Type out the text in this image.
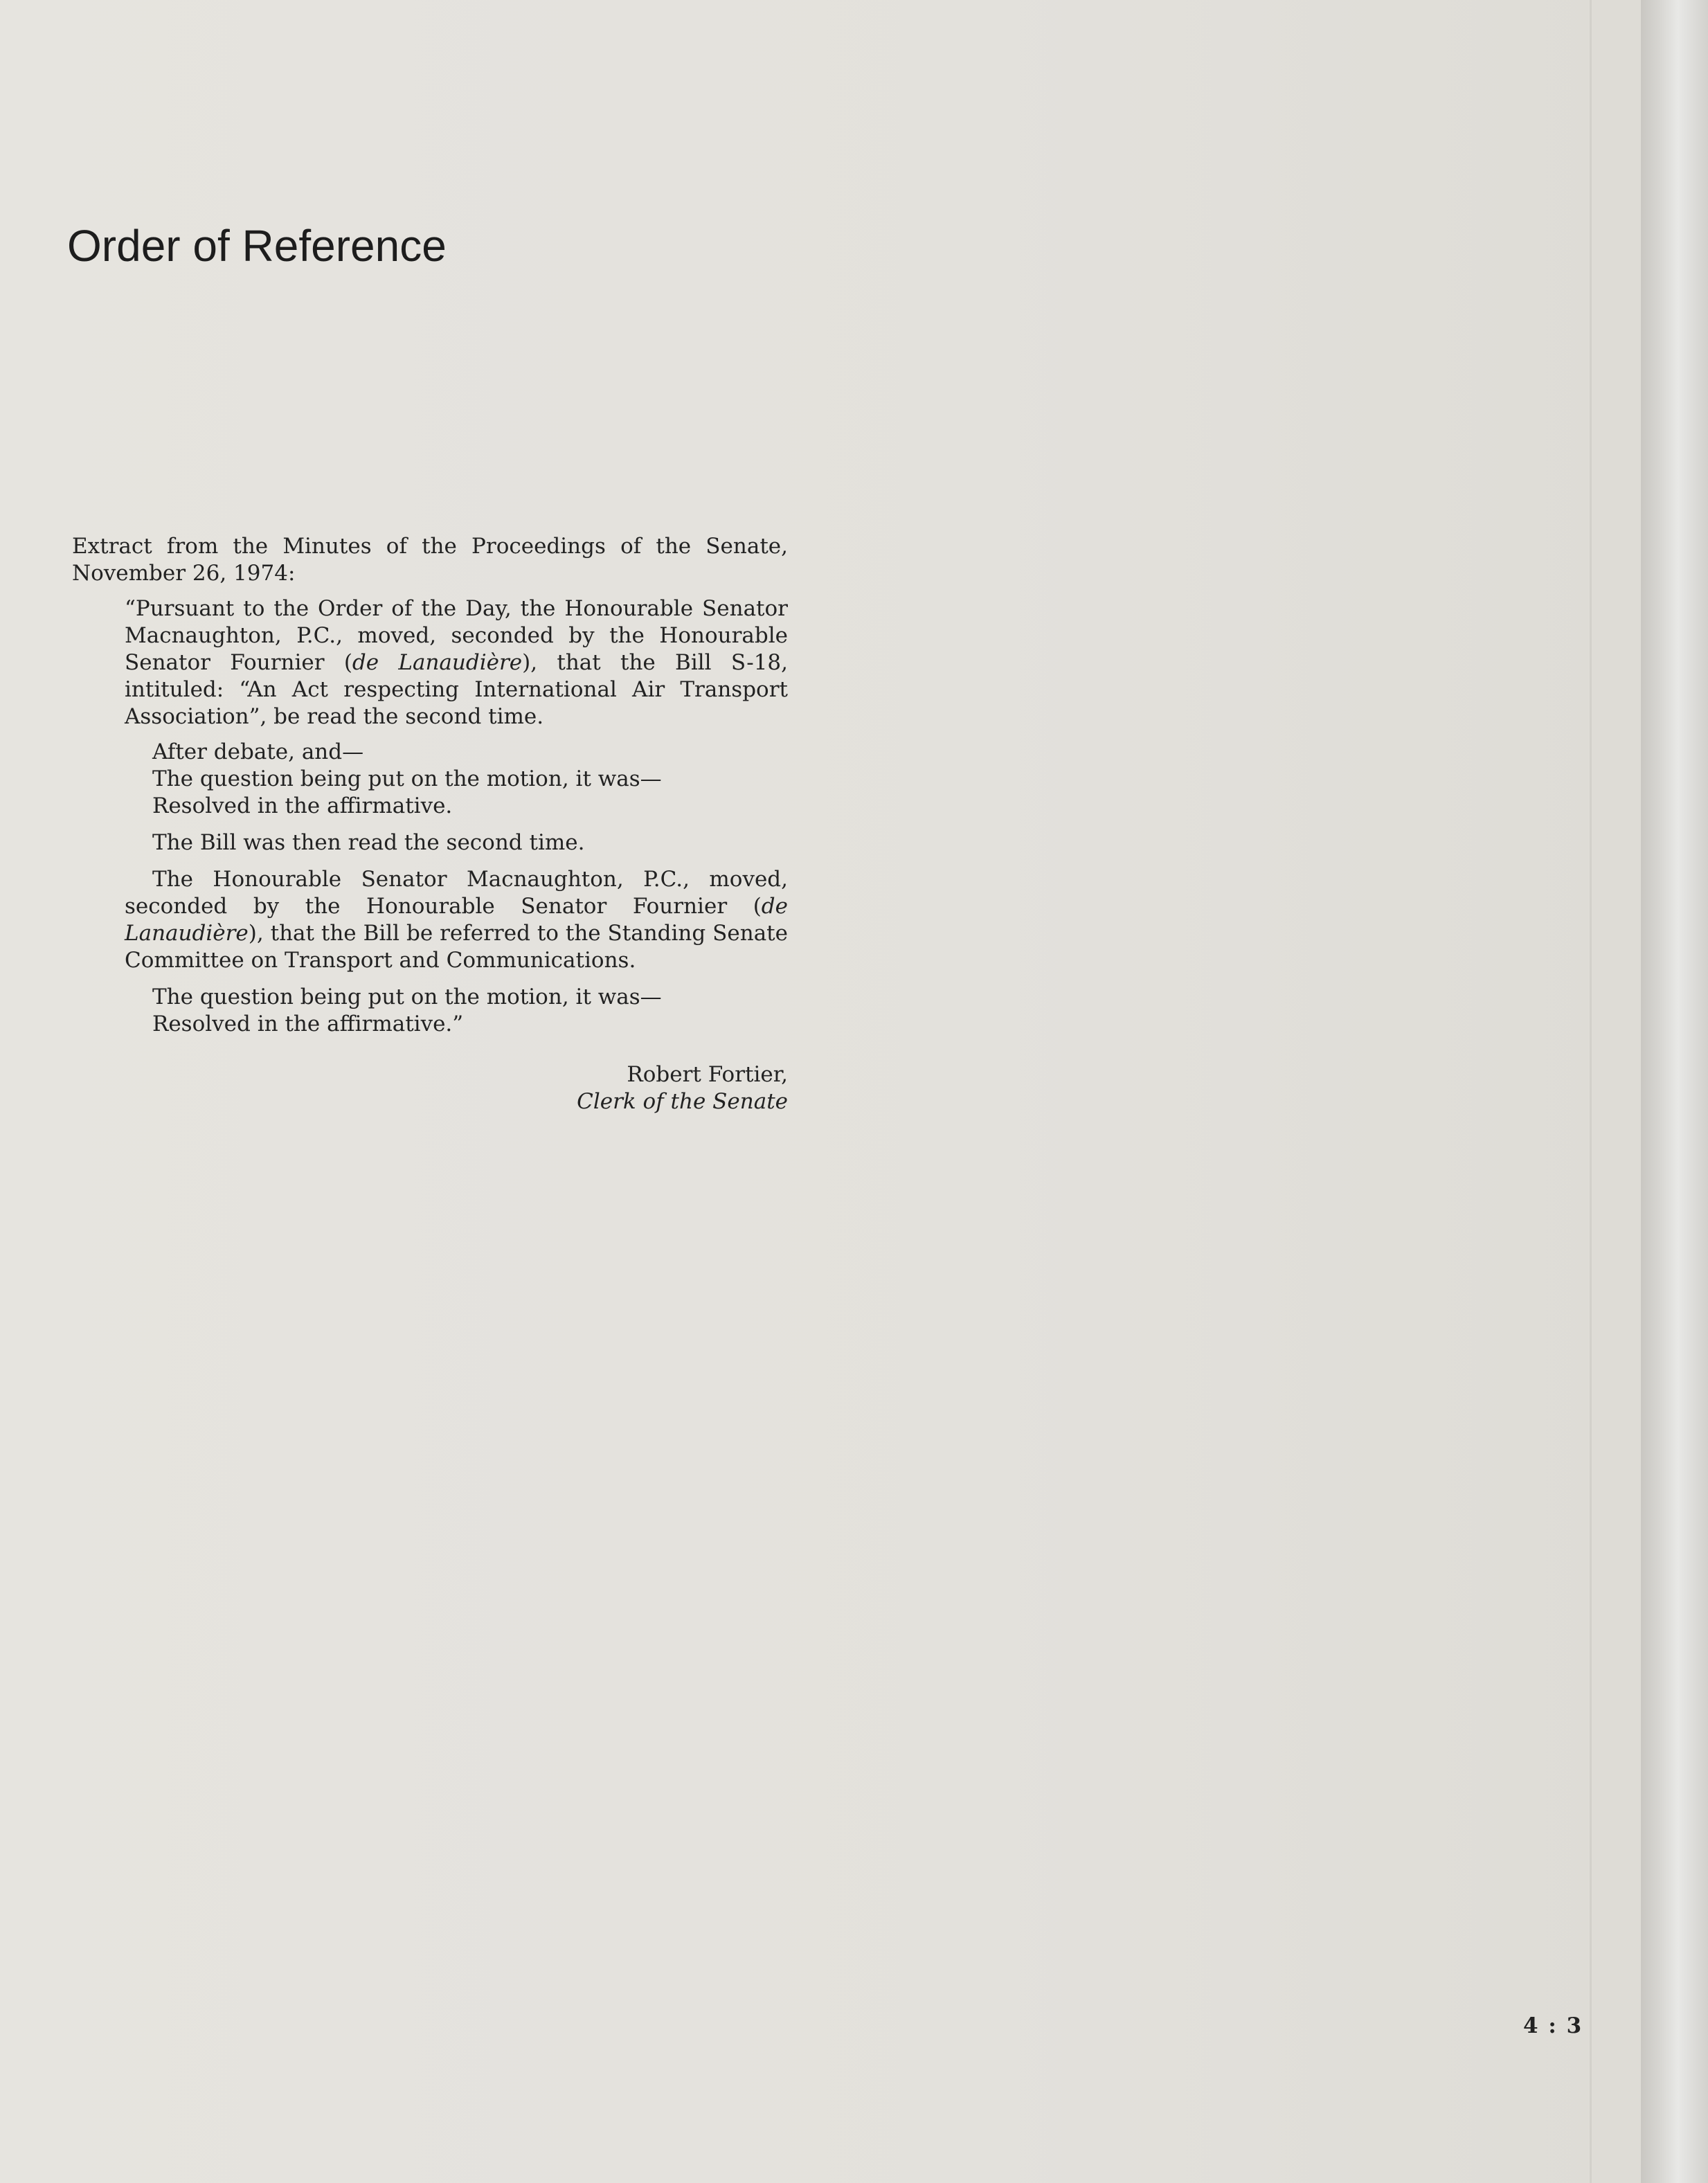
Order of Reference

Extract from the Minutes of the Proceedings of the Senate, November 26, 1974:

“Pursuant to the Order of the Day, the Honourable Senator Macnaughton, P.C., moved, seconded by the Honourable Senator Fournier (de Lanaudière), that the Bill S-18, intituled: “An Act respecting International Air Transport Association”, be read the second time.

After debate, and—

The question being put on the motion, it was—

Resolved in the affirmative.

The Bill was then read the second time.

The Honourable Senator Macnaughton, P.C., moved, seconded by the Honourable Senator Fournier (de Lanaudière), that the Bill be referred to the Standing Senate Committee on Transport and Communications.

The question being put on the motion, it was—

Resolved in the affirmative.”

Robert Fortier,

Clerk of the Senate

4 : 3
